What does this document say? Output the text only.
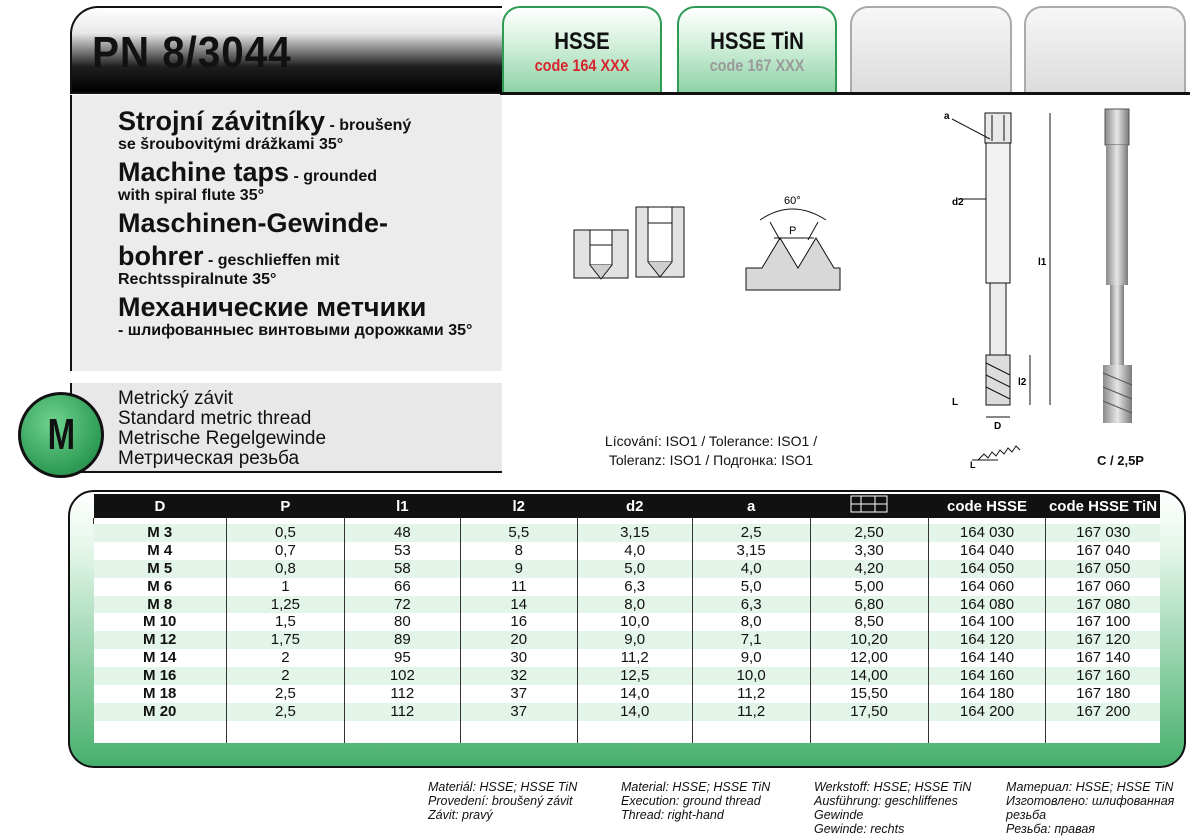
PN 8/3044	HSSE
code 164 XXX
HSSE TiN
code 167 XXX
Strojní závitníky - broušený
se šroubovitými drážkami 35°
Machine taps - grounded
with spiral flute 35°
Maschinen-Gewinde-
bohrer - geschlieffen mit
Rechtsspiralnute 35°
Механические метчики
- шлифованныес винтовыми дорожками 35°
Metrický závit
Standard metric thread
Metrische Regelgewinde
Метрическая резьба
M
60°
P
a
d2
l1
l2
D
L
L
Lícování: ISO1 / Tolerance: ISO1 /
Toleranz: ISO1 / Подгонка: ISO1	C / 2,5P
D	P	l1	l2	d2	a		code HSSE	code HSSE TiN

M 3	0,5	48	5,5	3,15	2,5	2,50	164 030	167 030
M 4	0,7	53	8	4,0	3,15	3,30	164 040	167 040
M 5	0,8	58	9	5,0	4,0	4,20	164 050	167 050
M 6	1	66	11	6,3	5,0	5,00	164 060	167 060
M 8	1,25	72	14	8,0	6,3	6,80	164 080	167 080
M 10	1,5	80	16	10,0	8,0	8,50	164 100	167 100
M 12	1,75	89	20	9,0	7,1	10,20	164 120	167 120
M 14	2	95	30	11,2	9,0	12,00	164 140	167 140
M 16	2	102	32	12,5	10,0	14,00	164 160	167 160
M 18	2,5	112	37	14,0	11,2	15,50	164 180	167 180
M 20	2,5	112	37	14,0	11,2	17,50	164 200	167 200

Materiál: HSSE; HSSE TiN
Provedení: broušený závit
Závit: pravý
Material: HSSE; HSSE TiN
Execution: ground thread
Thread: right-hand
Werkstoff: HSSE; HSSE TiN
Ausführung: geschliffenes
Gewinde
Gewinde: rechts
Материал: HSSE; HSSE TiN
Изготовлено: шлифованная
резьба
Резьба: правая
